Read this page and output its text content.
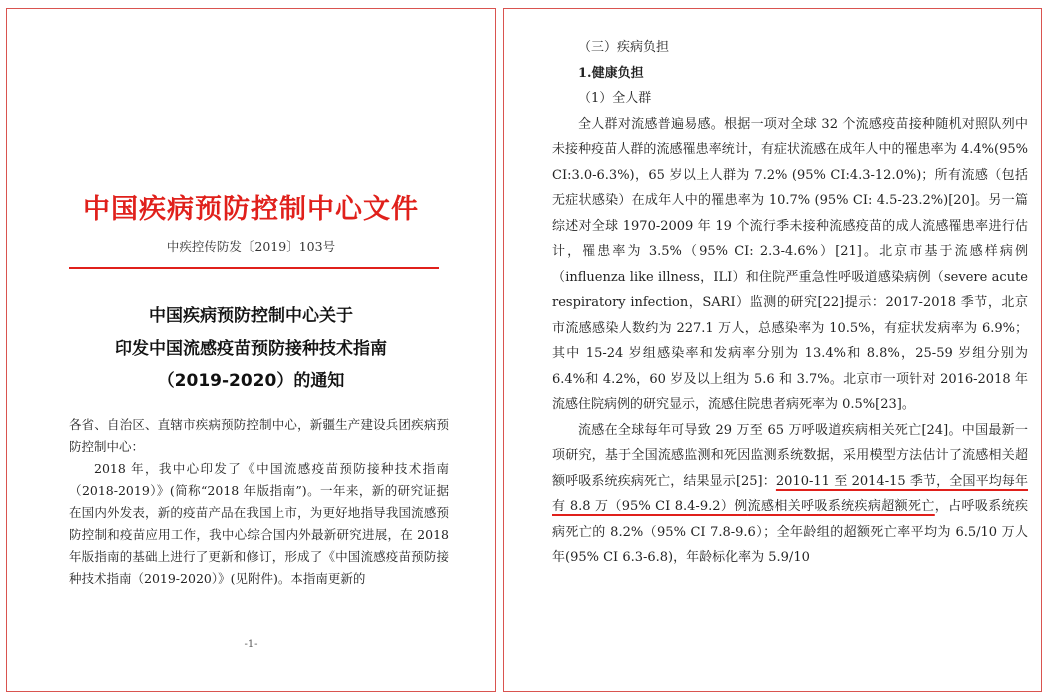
中国疾病预防控制中心文件
中疾控传防发〔2019〕103号
中国疾病预防控制中心关于
印发中国流感疫苗预防接种技术指南
（2019-2020）的通知

各省、自治区、直辖市疾病预防控制中心，新疆生产建设兵团疾病预防控制中心：

2018 年，我中心印发了《中国流感疫苗预防接种技术指南（2018-2019）》(简称“2018 年版指南”)。一年来，新的研究证据在国内外发表，新的疫苗产品在我国上市，为更好地指导我国流感预防控制和疫苗应用工作，我中心综合国内外最新研究进展，在 2018 年版指南的基础上进行了更新和修订，形成了《中国流感疫苗预防接种技术指南（2019-2020）》(见附件)。本指南更新的

-1-

（三）疾病负担

1.健康负担

（1）全人群

全人群对流感普遍易感。根据一项对全球 32 个流感疫苗接种随机对照队列中未接种疫苗人群的流感罹患率统计，有症状流感在成年人中的罹患率为 4.4%(95% CI:3.0-6.3%)，65 岁以上人群为 7.2% (95% CI:4.3-12.0%)；所有流感（包括无症状感染）在成年人中的罹患率为 10.7% (95% CI: 4.5-23.2%)[20]。另一篇综述对全球 1970-2009 年 19 个流行季未接种流感疫苗的成人流感罹患率进行估计，罹患率为 3.5%（95% CI: 2.3-4.6%）[21]。北京市基于流感样病例（influenza like illness，ILI）和住院严重急性呼吸道感染病例（severe acute respiratory infection，SARI）监测的研究[22]提示：2017-2018 季节，北京市流感感染人数约为 227.1 万人，总感染率为 10.5%，有症状发病率为 6.9%；其中 15-24 岁组感染率和发病率分别为 13.4%和 8.8%，25-59 岁组分别为 6.4%和 4.2%，60 岁及以上组为 5.6 和 3.7%。北京市一项针对 2016-2018 年流感住院病例的研究显示，流感住院患者病死率为 0.5%[23]。

流感在全球每年可导致 29 万至 65 万呼吸道疾病相关死亡[24]。中国最新一项研究，基于全国流感监测和死因监测系统数据，采用模型方法估计了流感相关超额呼吸系统疾病死亡，结果显示[25]：2010-11 至 2014-15 季节，全国平均每年有 8.8 万（95% CI 8.4-9.2）例流感相关呼吸系统疾病超额死亡，占呼吸系统疾病死亡的 8.2%（95% CI 7.8-9.6）；全年龄组的超额死亡率平均为 6.5/10 万人年(95% CI 6.3-6.8)，年龄标化率为 5.9/10
